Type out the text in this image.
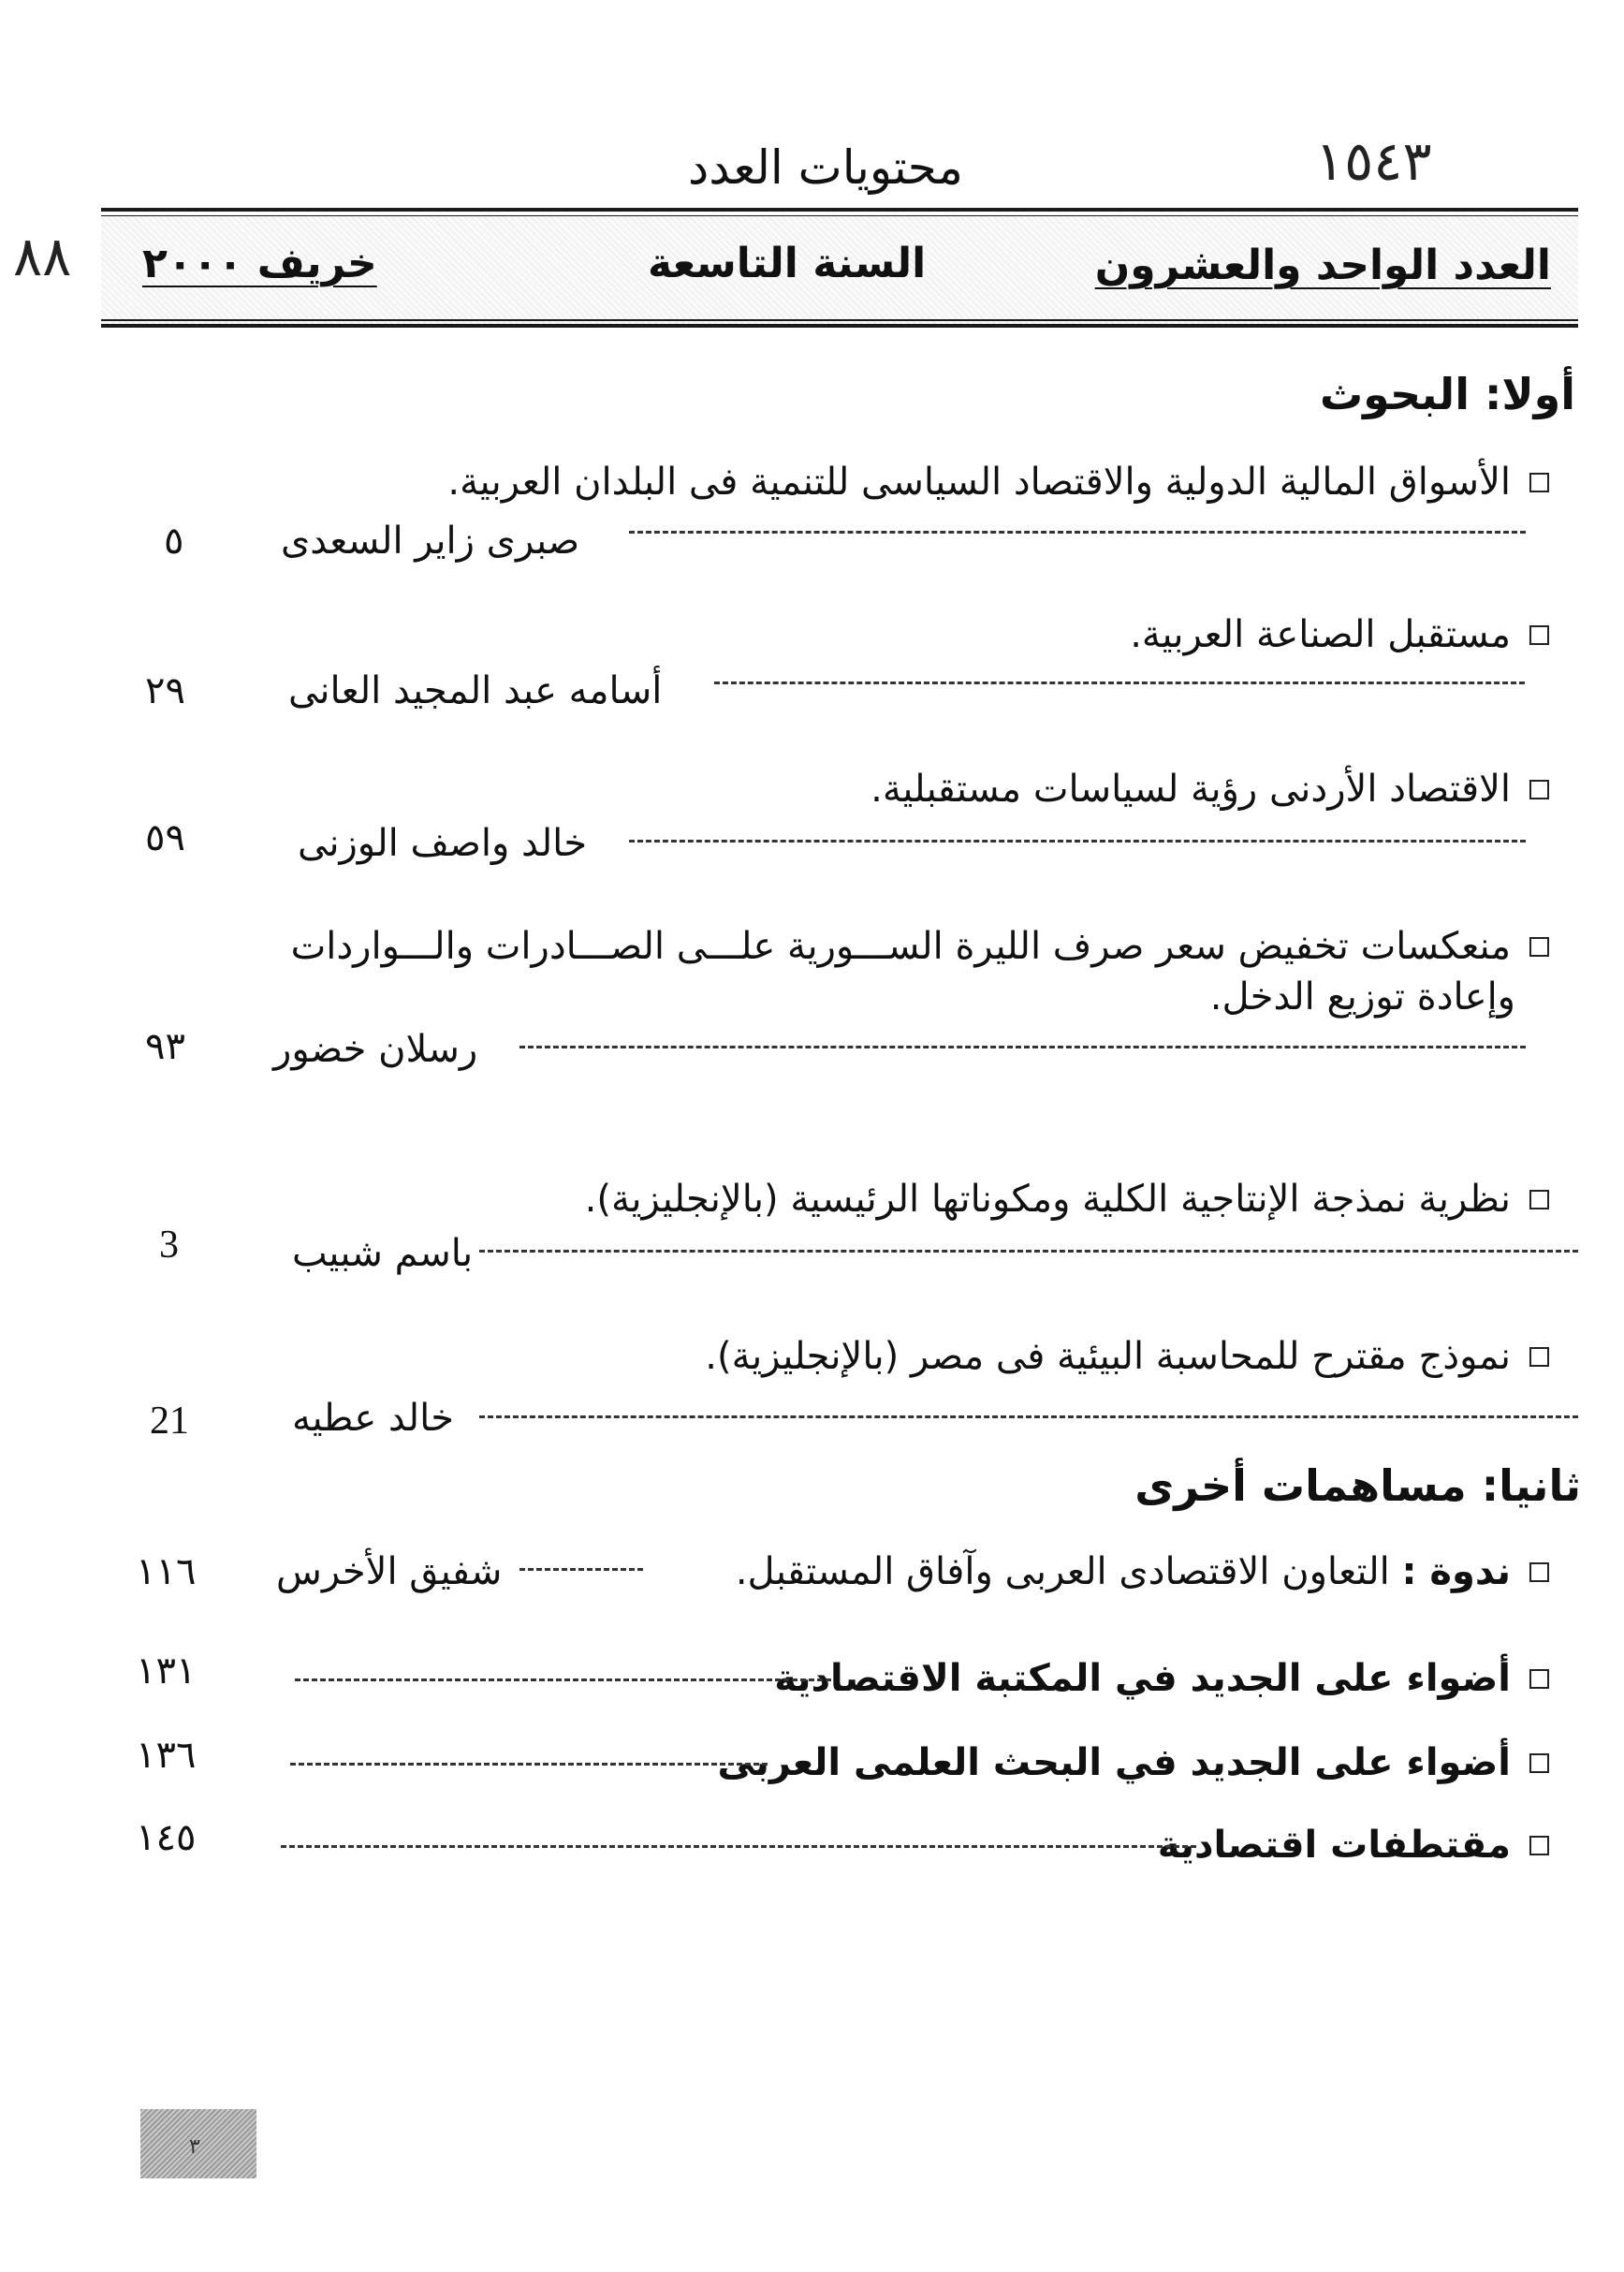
١٥٤٣
محتويات العدد
٨٨	العدد الواحد والعشرون
السنة التاسعة
خريف ٢٠٠٠
أولا: البحوث
الأسواق المالية الدولية والاقتصاد السياسى للتنمية فى البلدان العربية.
صبرى زاير السعدى
٥
مستقبل الصناعة العربية.
أسامه عبد المجيد العانى
٢٩
الاقتصاد الأردنى رؤية لسياسات مستقبلية.
خالد واصف الوزنى
٥٩
منعكسات تخفيض سعر صرف الليرة الســـورية علـــى الصـــادرات والـــواردات
وإعادة توزيع الدخل.
رسلان خضور
٩٣
نظرية نمذجة الإنتاجية الكلية ومكوناتها الرئيسية (بالإنجليزية).
باسم شبيب
3
نموذج مقترح للمحاسبة البيئية فى مصر (بالإنجليزية).
خالد عطيه
21
ثانيا: مساهمات أخرى
ندوة : التعاون الاقتصادى العربى وآفاق المستقبل.
شفيق الأخرس
١١٦
أضواء على الجديد في المكتبة الاقتصادية
١٣١
أضواء على الجديد في البحث العلمى العربى
١٣٦
مقتطفات اقتصادية
١٤٥
٣
